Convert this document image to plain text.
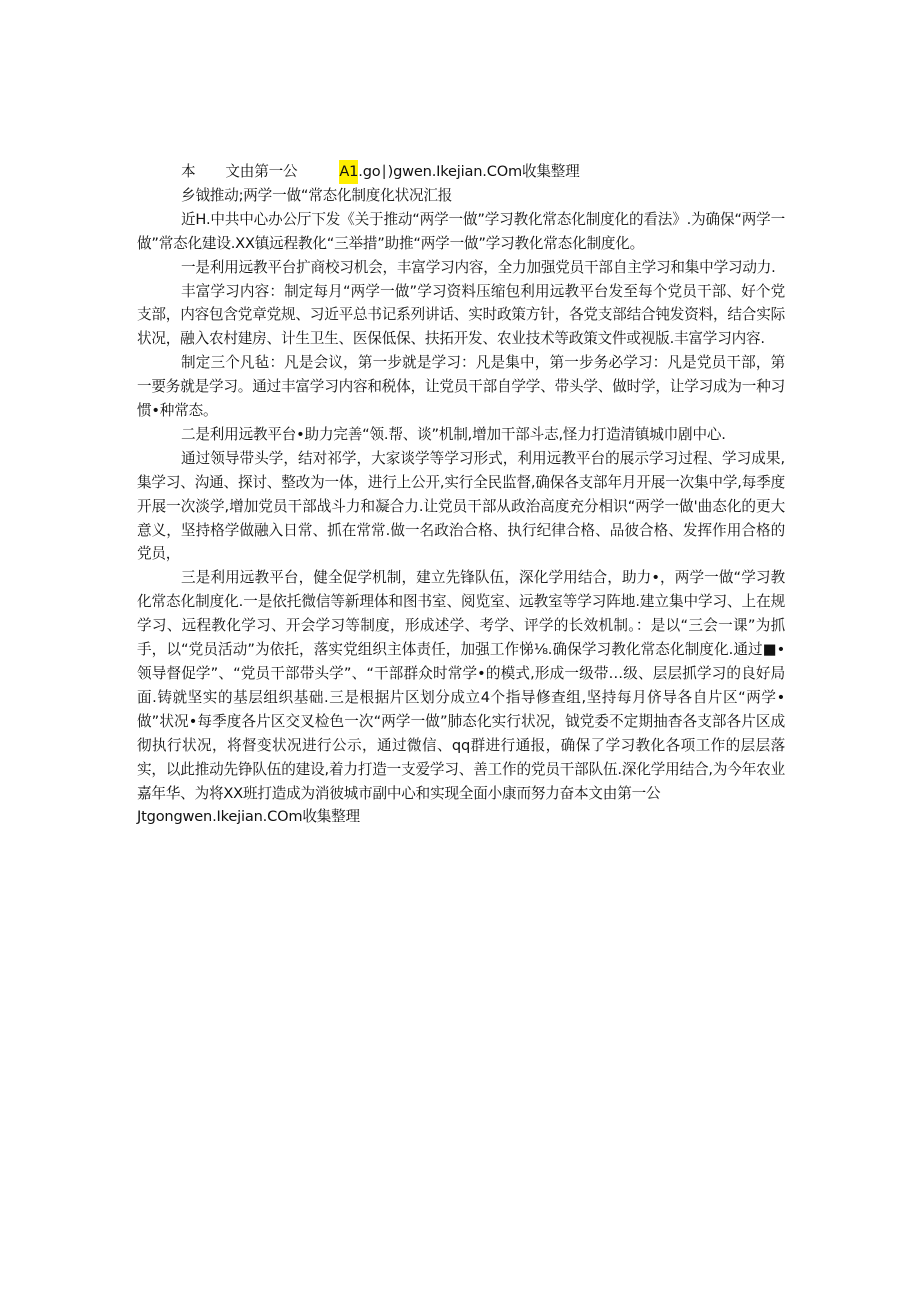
本 文由第一公	A1.go∣)gwen.Ikejian.COm收集整理
乡钺推动;两学一做“常态化制度化状况汇报

近H.中共中心办公厅下发《关于推动“两学一做”学习教化常态化制度化的看法》.为确保“两学一做”常态化建设.XX镇远程教化“三举措”助推“两学一做”学习教化常态化制度化。

一是利用远教平台扩商校习机会，丰富学习内容，全力加强党员干部自主学习和集中学习动力.

丰富学习内容：制定每月“两学一做”学习资料压缩包利用远教平台发至每个党员干部、好个党支部，内容包含党章党规、习近平总书记系列讲话、实时政策方针，各党支部结合钝发资料，结合实际状况，融入农村建房、计生卫生、医保低保、扶拓开发、农业技术等政策文件或视版.丰富学习内容.

制定三个凡毡：凡是会议，第一步就是学习：凡是集中，第一步务必学习：凡是党员干部，第一要务就是学习。通过丰富学习内容和税体，让党员干部自学学、带头学、做时学，让学习成为一种习惯•种常态。

二是利用远教平台•助力完善“领.帮、谈”机制,增加干部斗志,怪力打造清镇城巾剧中心.

通过领导带头学，结对祁学，大家谈学等学习形式，利用远教平台的展示学习过程、学习成果,集学习、沟通、探讨、整改为一体，进行上公开,实行全民监督,确保各支部年月开展一次集中学,每季度开展一次淡学,增加党员干部战斗力和凝合力.让党员干部从政治高度充分相识“两学一做'曲态化的更大意义，坚持格学做融入日常、抓在常常.做一名政治合格、执行纪律合格、品彼合格、发挥作用合格的党员，

三是利用远教平台，健全促学机制，建立先锋队伍，深化学用结合，助力•，两学一做“学习教化常态化制度化.一是依托微信等新理体和图书室、阅览室、远教室等学习阵地.建立集中学习、上在规学习、远程教化学习、开会学习等制度，形成述学、考学、评学的长效机制。：是以“三会一课”为抓手，以“党员活动”为依托，落实党组织主体责任，加强工作悌⅛.确保学习教化常态化制度化.通过■•领导督促学”、“党员干部带头学”、“干部群众时常学•的模式,形成一级带…级、层层抓学习的良好局面.铸就坚实的基层组织基础.三是根据片区划分成立4个指导修查组,坚持每月侪导各自片区“两学•做”状况•每季度各片区交叉检色一次“两学一做”肺态化实行状况，钺党委不定期抽杳各支部各片区成彻执行状况，将督变状况进行公示，通过微信、qq群进行通报，确保了学习教化各项工作的层层落实，以此推动先铮队伍的建设,着力打造一支爱学习、善工作的党员干部队伍.深化学用结合,为今年农业嘉年华、为将XX班打造成为消彼城市副中心和实现全面小康而努力奋本文由第一公

Jtgongwen.Ikejian.COm收集整理
